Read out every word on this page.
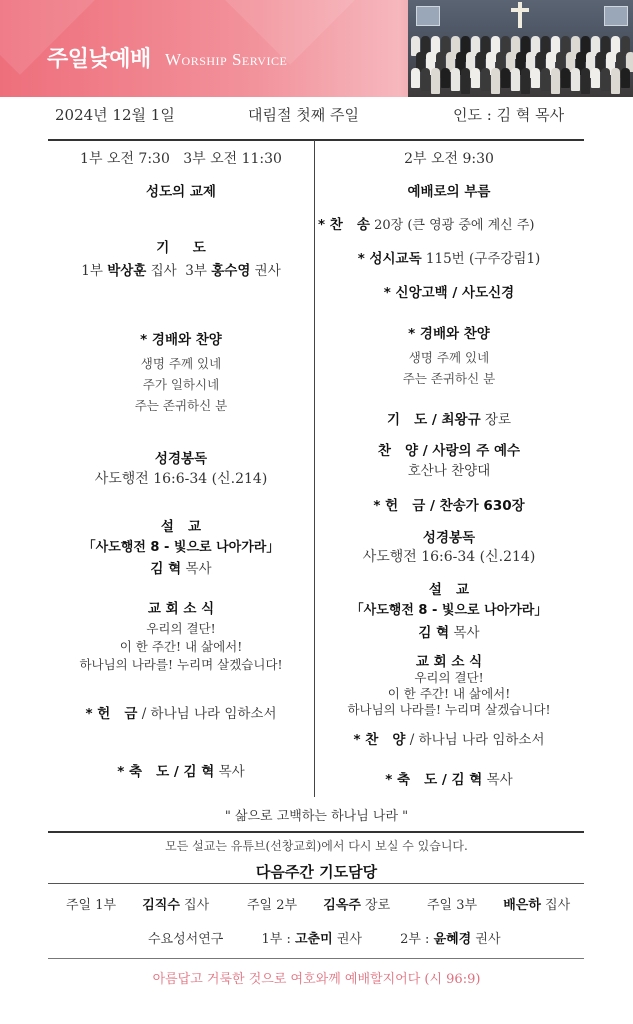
주일낮예배 Worship Service
2024년 12월 1일	대림절 첫째 주일	인도 : 김 혁 목사
1부 오전 7:30   3부 오전 11:30
성도의 교제
기     도
1부 박상훈 집사 3부 홍수영 권사
* 경배와 찬양
생명 주께 있네
주가 일하시네
주는 존귀하신 분
성경봉독
사도행전 16:6-34 (신.214)
설   교
「사도행전 8 - 빛으로 나아가라」
김 혁 목사
교 회 소 식
우리의 결단!
이 한 주간! 내 삶에서!
하나님의 나라를! 누리며 살겠습니다!
* 헌   금 / 하나님 나라 임하소서
* 축   도 / 김 혁 목사
2부 오전 9:30
예배로의 부름
* 찬   송 20장 (큰 영광 중에 계신 주)
* 성시교독 115번 (구주강림1)
* 신앙고백 / 사도신경
* 경배와 찬양
생명 주께 있네
주는 존귀하신 분
기   도 / 최왕규 장로
찬   양 / 사랑의 주 예수
호산나 찬양대
* 헌   금 / 찬송가 630장
성경봉독
사도행전 16:6-34 (신.214)
설   교
「사도행전 8 - 빛으로 나아가라」
김 혁 목사
교 회 소 식
우리의 결단!
이 한 주간! 내 삶에서!
하나님의 나라를! 누리며 살겠습니다!
* 찬   양 / 하나님 나라 임하소서
* 축   도 / 김 혁 목사
" 삶으로 고백하는 하나님 나라 "
모든 설교는 유튜브(선창교회)에서 다시 보실 수 있습니다.
다음주간 기도담당
주일 1부 김직수 집사	주일 2부 김옥주 장로	주일 3부 배은하 집사
수요성서연구	1부 : 고춘미 권사	2부 : 윤혜경 권사
아름답고 거룩한 것으로 여호와께 예배할지어다 (시 96:9)
